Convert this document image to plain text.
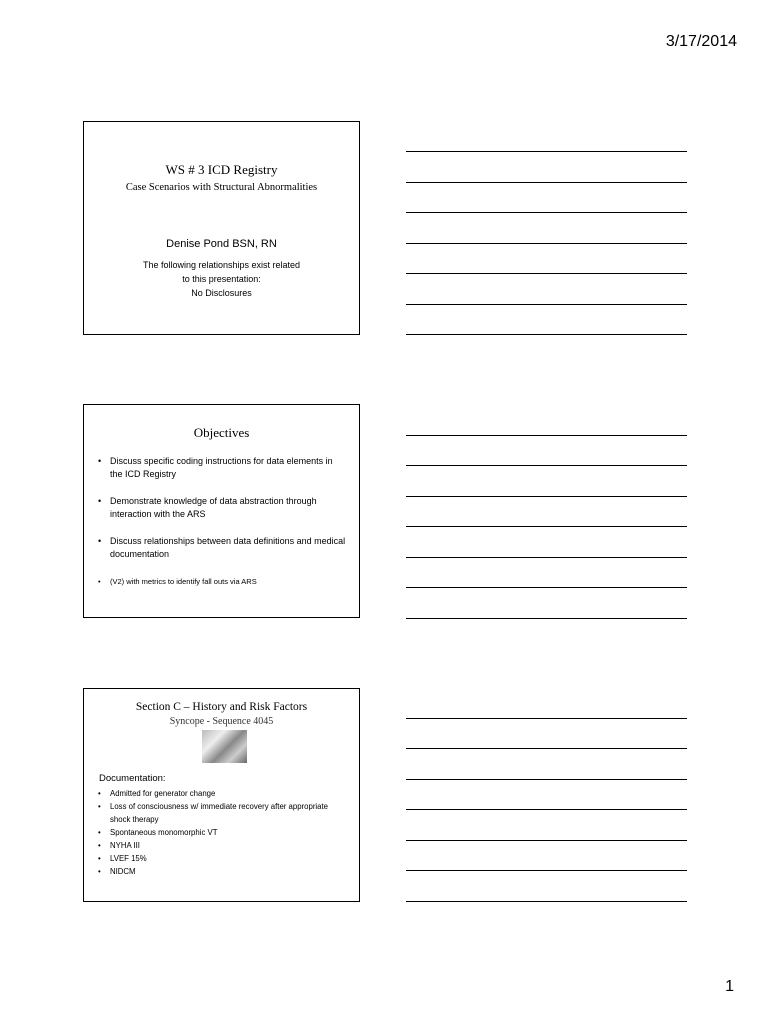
3/17/2014
WS # 3 ICD Registry
Case Scenarios with Structural Abnormalities
Denise Pond BSN, RN
The following relationships exist related
to this presentation:
No Disclosures
Objectives
• Discuss specific coding instructions for data elements in the ICD Registry
• Demonstrate knowledge of data abstraction through interaction with the ARS
• Discuss relationships between data definitions and medical documentation
• (V2) with metrics to identify fall outs via ARS
Section C – History and Risk Factors
Syncope - Sequence 4045
Documentation:
• Admitted for generator change
• Loss of consciousness w/ immediate recovery after appropriate shock therapy
• Spontaneous monomorphic VT
• NYHA III
• LVEF 15%
• NIDCM
1
